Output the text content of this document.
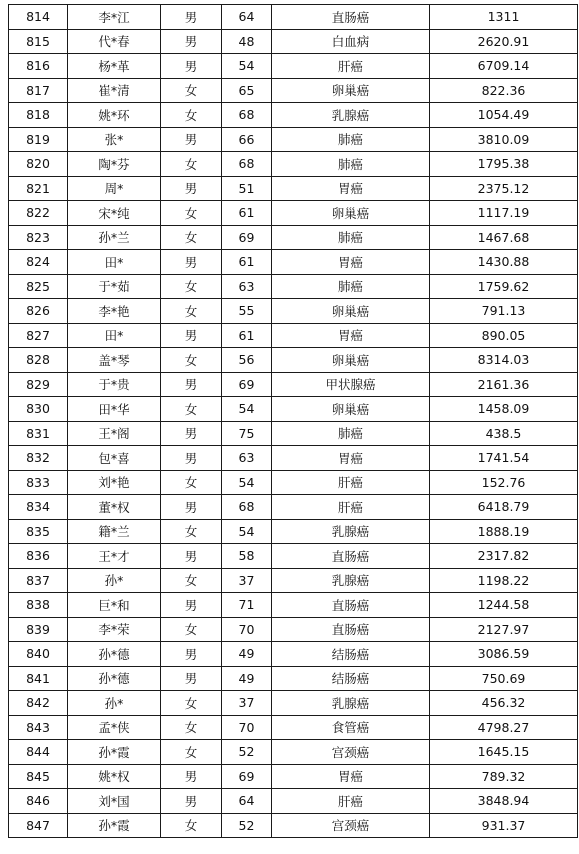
814	李*江	男	64	直肠癌	1311
815	代*春	男	48	白血病	2620.91
816	杨*革	男	54	肝癌	6709.14
817	崔*清	女	65	卵巢癌	822.36
818	姚*环	女	68	乳腺癌	1054.49
819	张*	男	66	肺癌	3810.09
820	陶*芬	女	68	肺癌	1795.38
821	周*	男	51	胃癌	2375.12
822	宋*纯	女	61	卵巢癌	1117.19
823	孙*兰	女	69	肺癌	1467.68
824	田*	男	61	胃癌	1430.88
825	于*茹	女	63	肺癌	1759.62
826	李*艳	女	55	卵巢癌	791.13
827	田*	男	61	胃癌	890.05
828	盖*琴	女	56	卵巢癌	8314.03
829	于*贵	男	69	甲状腺癌	2161.36
830	田*华	女	54	卵巢癌	1458.09
831	王*阁	男	75	肺癌	438.5
832	包*喜	男	63	胃癌	1741.54
833	刘*艳	女	54	肝癌	152.76
834	董*权	男	68	肝癌	6418.79
835	籍*兰	女	54	乳腺癌	1888.19
836	王*才	男	58	直肠癌	2317.82
837	孙*	女	37	乳腺癌	1198.22
838	巨*和	男	71	直肠癌	1244.58
839	李*荣	女	70	直肠癌	2127.97
840	孙*德	男	49	结肠癌	3086.59
841	孙*德	男	49	结肠癌	750.69
842	孙*	女	37	乳腺癌	456.32
843	孟*侠	女	70	食管癌	4798.27
844	孙*霞	女	52	宫颈癌	1645.15
845	姚*权	男	69	胃癌	789.32
846	刘*国	男	64	肝癌	3848.94
847	孙*霞	女	52	宫颈癌	931.37
